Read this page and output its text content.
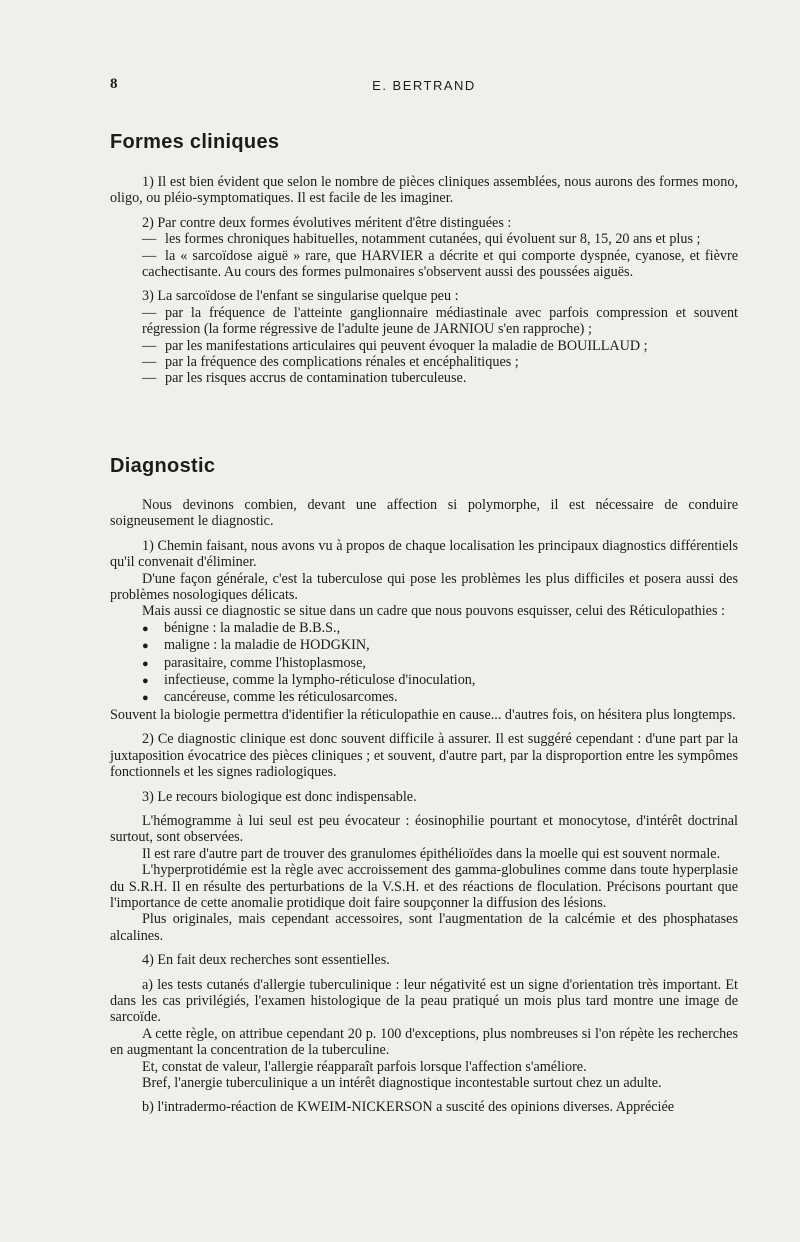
8	E. BERTRAND
Formes cliniques

1) Il est bien évident que selon le nombre de pièces cliniques assemblées, nous aurons des formes mono, oligo, ou pléio-symptomatiques. Il est facile de les imaginer.

2) Par contre deux formes évolutives méritent d'être distinguées :

— les formes chroniques habituelles, notamment cutanées, qui évoluent sur 8, 15, 20 ans et plus ;

— la « sarcoïdose aiguë » rare, que HARVIER a décrite et qui comporte dyspnée, cyanose, et fièvre cachectisante. Au cours des formes pulmonaires s'observent aussi des poussées aiguës.

3) La sarcoïdose de l'enfant se singularise quelque peu :

— par la fréquence de l'atteinte ganglionnaire médiastinale avec parfois compression et souvent régression (la forme régressive de l'adulte jeune de JARNIOU s'en rapproche) ;

— par les manifestations articulaires qui peuvent évoquer la maladie de BOUILLAUD ;

— par la fréquence des complications rénales et encéphalitiques ;

— par les risques accrus de contamination tuberculeuse.

Diagnostic

Nous devinons combien, devant une affection si polymorphe, il est nécessaire de conduire soigneusement le diagnostic.

1) Chemin faisant, nous avons vu à propos de chaque localisation les principaux diagnostics différentiels qu'il convenait d'éliminer.

D'une façon générale, c'est la tuberculose qui pose les problèmes les plus difficiles et posera aussi des problèmes nosologiques délicats.

Mais aussi ce diagnostic se situe dans un cadre que nous pouvons esquisser, celui des Réticulopathies :

● bénigne : la maladie de B.B.S.,

● maligne : la maladie de HODGKIN,

● parasitaire, comme l'histoplasmose,

● infectieuse, comme la lympho-réticulose d'inoculation,

● cancéreuse, comme les réticulosarcomes.

Souvent la biologie permettra d'identifier la réticulopathie en cause... d'autres fois, on hésitera plus longtemps.

2) Ce diagnostic clinique est donc souvent difficile à assurer. Il est suggéré cependant : d'une part par la juxtaposition évocatrice des pièces cliniques ; et souvent, d'autre part, par la disproportion entre les sympômes fonctionnels et les signes radiologiques.

3) Le recours biologique est donc indispensable.

L'hémogramme à lui seul est peu évocateur : éosinophilie pourtant et monocytose, d'intérêt doctrinal surtout, sont observées.

Il est rare d'autre part de trouver des granulomes épithélioïdes dans la moelle qui est souvent normale.

L'hyperprotidémie est la règle avec accroissement des gamma-globulines comme dans toute hyperplasie du S.R.H. Il en résulte des perturbations de la V.S.H. et des réactions de floculation. Précisons pourtant que l'importance de cette anomalie protidique doit faire soupçonner la diffusion des lésions.

Plus originales, mais cependant accessoires, sont l'augmentation de la calcémie et des phosphatases alcalines.

4) En fait deux recherches sont essentielles.

a) les tests cutanés d'allergie tuberculinique : leur négativité est un signe d'orientation très important. Et dans les cas privilégiés, l'examen histologique de la peau pratiqué un mois plus tard montre une image de sarcoïde.

A cette règle, on attribue cependant 20 p. 100 d'exceptions, plus nombreuses si l'on répète les recherches en augmentant la concentration de la tuberculine.

Et, constat de valeur, l'allergie réapparaît parfois lorsque l'affection s'améliore.

Bref, l'anergie tuberculinique a un intérêt diagnostique incontestable surtout chez un adulte.

b) l'intradermo-réaction de KWEIM-NICKERSON a suscité des opinions diverses. Appréciée
